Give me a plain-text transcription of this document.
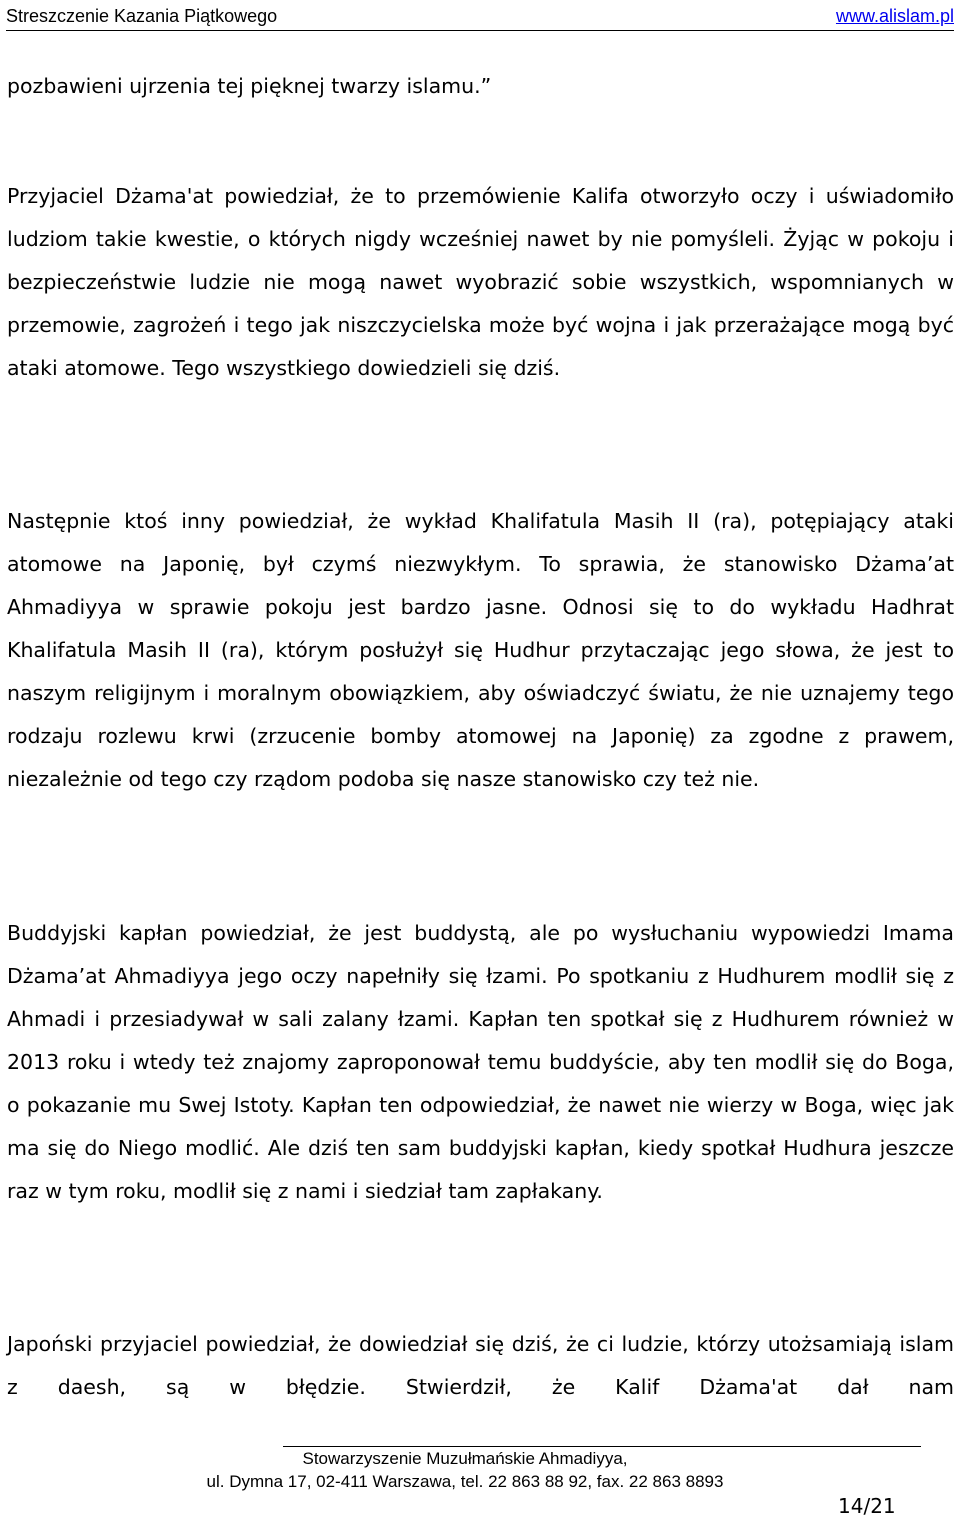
Streszczenie Kazania Piątkowego	www.alislam.pl

pozbawieni ujrzenia tej pięknej twarzy islamu.”

Przyjaciel Dżama'at powiedział, że to przemówienie Kalifa otworzyło oczy i uświadomiło ludziom takie kwestie, o których nigdy wcześniej nawet by nie pomyśleli. Żyjąc w pokoju i bezpieczeństwie ludzie nie mogą nawet wyobrazić sobie wszystkich, wspomnianych w przemowie, zagrożeń i tego jak niszczycielska może być wojna i jak przerażające mogą być ataki atomowe. Tego wszystkiego dowiedzieli się dziś.

Następnie ktoś inny powiedział, że wykład Khalifatula Masih II (ra), potępiający ataki atomowe na Japonię, był czymś niezwykłym. To sprawia, że stanowisko Dżama’at Ahmadiyya w sprawie pokoju jest bardzo jasne. Odnosi się to do wykładu Hadhrat Khalifatula Masih II (ra), którym posłużył się Hudhur przytaczając jego słowa, że jest to naszym religijnym i moralnym obowiązkiem, aby oświadczyć światu, że nie uznajemy tego rodzaju rozlewu krwi (zrzucenie bomby atomowej na Japonię) za zgodne z prawem, niezależnie od tego czy rządom podoba się nasze stanowisko czy też nie.

Buddyjski kapłan powiedział, że jest buddystą, ale po wysłuchaniu wypowiedzi Imama Dżama’at Ahmadiyya jego oczy napełniły się łzami. Po spotkaniu z Hudhurem modlił się z Ahmadi i przesiadywał w sali zalany łzami. Kapłan ten spotkał się z Hudhurem również w 2013 roku i wtedy też znajomy zaproponował temu buddyście, aby ten modlił się do Boga, o pokazanie mu Swej Istoty. Kapłan ten odpowiedział, że nawet nie wierzy w Boga, więc jak ma się do Niego modlić. Ale dziś ten sam buddyjski kapłan, kiedy spotkał Hudhura jeszcze raz w tym roku, modlił się z nami i siedział tam zapłakany.

Japoński przyjaciel powiedział, że dowiedział się dziś, że ci ludzie, którzy utożsamiają islam z daesh, są w błędzie. Stwierdził, że Kalif Dżama'at dał nam

Stowarzyszenie Muzułmańskie Ahmadiyya,
ul. Dymna 17, 02-411 Warszawa, tel. 22 863 88 92, fax. 22 863 8893
14/21
